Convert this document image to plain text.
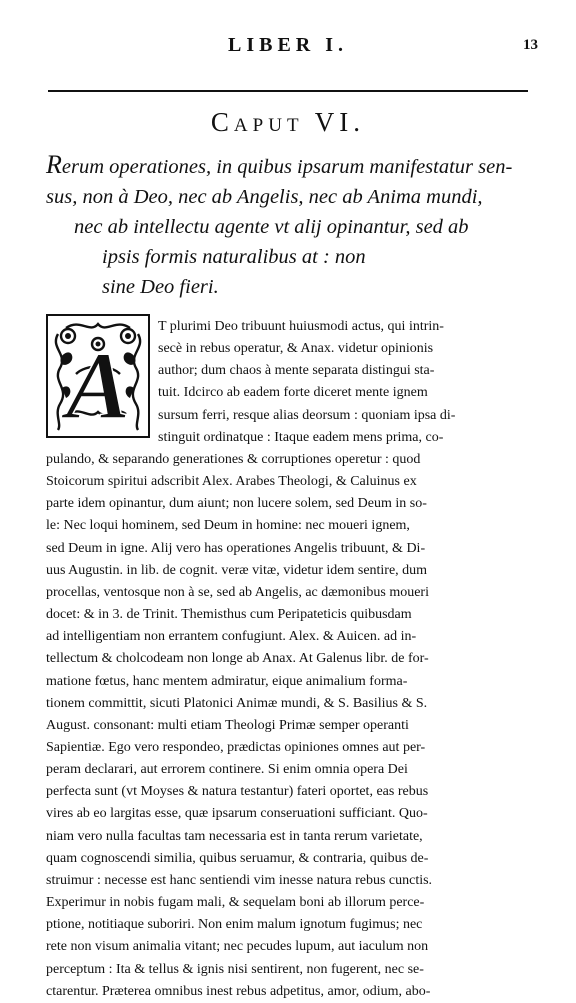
LIBER I.	13
Caput VI.
Rerum operationes, in quibus ipsarum manifestatur sen-
sus, non à Deo, nec ab Angelis, nec ab Anima mundi,
nec ab intellectu agente vt alij opinantur, sed ab
ipsis formis naturalibus at : non
sine Deo fieri.
A
T plurimi Deo tribuunt huiusmodi actus, qui intrin-
secè in rebus operatur, & Anax. videtur opinionis
author; dum chaos à mente separata distingui sta-
tuit. Idcirco ab eadem forte diceret mente ignem
sursum ferri, resque alias deorsum : quoniam ipsa di-
stinguit ordinatque : Itaque eadem mens prima, co-
pulando, & separando generationes & corruptiones operetur : quod
Stoicorum spiritui adscribit Alex. Arabes Theologi, & Caluinus ex
parte idem opinantur, dum aiunt; non lucere solem, sed Deum in so-
le: Nec loqui hominem, sed Deum in homine: nec moueri ignem,
sed Deum in igne. Alij vero has operationes Angelis tribuunt, & Di-
uus Augustin. in lib. de cognit. veræ vitæ, videtur idem sentire, dum
procellas, ventosque non à se, sed ab Angelis, ac dæmonibus moueri
docet: & in 3. de Trinit. Themisthus cum Peripateticis quibusdam
ad intelligentiam non errantem confugiunt. Alex. & Auicen. ad in-
tellectum & cholcodeam non longe ab Anax. At Galenus libr. de for-
matione fœtus, hanc mentem admiratur, eique animalium forma-
tionem committit, sicuti Platonici Animæ mundi, & S. Basilius & S.
August. consonant: multi etiam Theologi Primæ semper operanti
Sapientiæ. Ego vero respondeo, prædictas opiniones omnes aut per-
peram declarari, aut errorem continere. Si enim omnia opera Dei
perfecta sunt (vt Moyses & natura testantur) fateri oportet, eas rebus
vires ab eo largitas esse, quæ ipsarum conseruationi sufficiant. Quo-
niam vero nulla facultas tam necessaria est in tanta rerum varietate,
quam cognoscendi similia, quibus seruamur, & contraria, quibus de-
struimur : necesse est hanc sentiendi vim inesse natura rebus cunctis.
Experimur in nobis fugam mali, & sequelam boni ab illorum perce-
ptione, notitiaque suboriri. Non enim malum ignotum fugimus; nec
rete non visum animalia vitant; nec pecudes lupum, aut iaculum non
perceptum : Ita & tellus & ignis nisi sentirent, non fugerent, nec se-
ctarentur. Præterea omnibus inest rebus adpetitus, amor, odium, abo-
